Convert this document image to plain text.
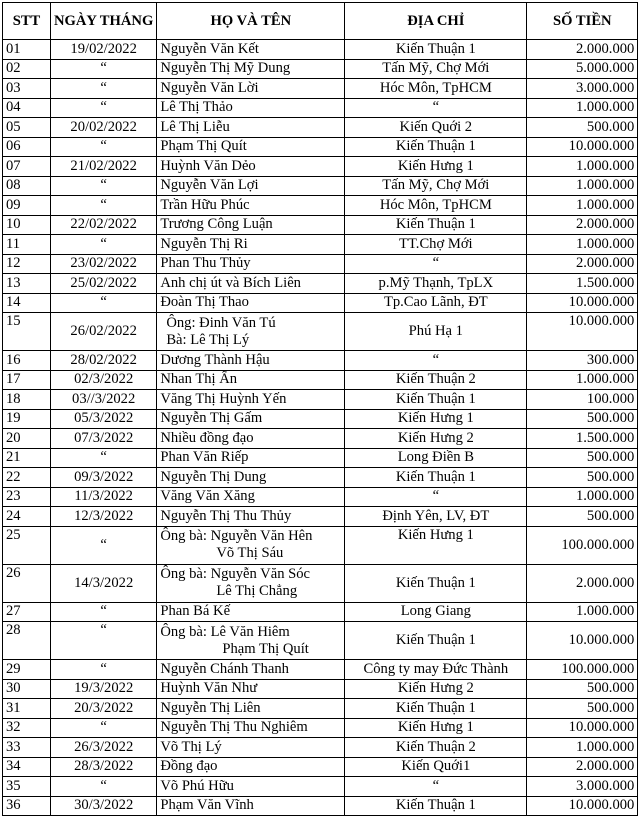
STT	NGÀY THÁNG	HỌ VÀ TÊN	ĐỊA CHỈ	SỐ TIỀN
01	19/02/2022	Nguyễn Văn Kết	Kiến Thuận 1	2.000.000
02	“	Nguyễn Thị Mỹ Dung	Tấn Mỹ, Chợ Mới	5.000.000
03	“	Nguyễn Văn Lời	Hóc Môn, TpHCM	3.000.000
04	“	Lê Thị Thảo	“	1.000.000
05	20/02/2022	Lê Thị Liễu	Kiến Quới 2	500.000
06	“	Phạm Thị Quít	Kiến Thuận 1	10.000.000
07	21/02/2022	Huỳnh Văn Dẻo	Kiến Hưng 1	1.000.000
08	“	Nguyễn Văn Lợi	Tấn Mỹ, Chợ Mới	1.000.000
09	“	Trần Hữu Phúc	Hóc Môn, TpHCM	1.000.000
10	22/02/2022	Trương Công Luận	Kiến Thuận 1	2.000.000
11	“	Nguyễn Thị Ri	TT.Chợ Mới	1.000.000
12	23/02/2022	Phan Thu Thủy	“	2.000.000
13	25/02/2022	Anh chị út và Bích Liên	p.Mỹ Thạnh, TpLX	1.500.000
14	“	Đoàn Thị Thao	Tp.Cao Lãnh, ĐT	10.000.000
15	26/02/2022	Ông: Đinh Văn Tú
Bà: Lê Thị Lý	Phú Hạ 1	10.000.000
16	28/02/2022	Dương Thành Hậu	“	300.000
17	02/3/2022	Nhan Thị Ẩn	Kiến Thuận 2	1.000.000
18	03//3/2022	Văng Thị Huỳnh Yến	Kiến Thuận 1	100.000
19	05/3/2022	Nguyễn Thị Gấm	Kiến Hưng 1	500.000
20	07/3/2022	Nhiều đồng đạo	Kiến Hưng 2	1.500.000
21	“	Phan Văn Riếp	Long Điền B	500.000
22	09/3/2022	Nguyễn Thị Dung	Kiến Thuận 1	500.000
23	11/3/2022	Văng Văn Xăng	“	1.000.000
24	12/3/2022	Nguyễn Thị Thu Thủy	Định Yên, LV, ĐT	500.000
25	“	Ông bà: Nguyễn Văn Hên
Võ Thị Sáu	Kiến Hưng 1	100.000.000
26	14/3/2022	Ông bà: Nguyễn Văn Sóc
Lê Thị Chẳng	Kiến Thuận 1	2.000.000
27	“	Phan Bá Kế	Long Giang	1.000.000
28	“	Ông bà: Lê Văn Hiêm
Phạm Thị Quít	Kiến Thuận 1	10.000.000
29	“	Nguyễn Chánh Thanh	Công ty may Đức Thành	100.000.000
30	19/3/2022	Huỳnh Văn Như	Kiến Hưng 2	500.000
31	20/3/2022	Nguyễn Thị Liên	Kiến Thuận 1	500.000
32	“	Nguyễn Thị Thu Nghiêm	Kiến Hưng 1	10.000.000
33	26/3/2022	Võ Thị Lý	Kiến Thuận 2	1.000.000
34	28/3/2022	Đồng đạo	Kiến Quới1	2.000.000
35	“	Võ Phú Hữu	“	3.000.000
36	30/3/2022	Phạm Văn Vĩnh	Kiến Thuận 1	10.000.000
